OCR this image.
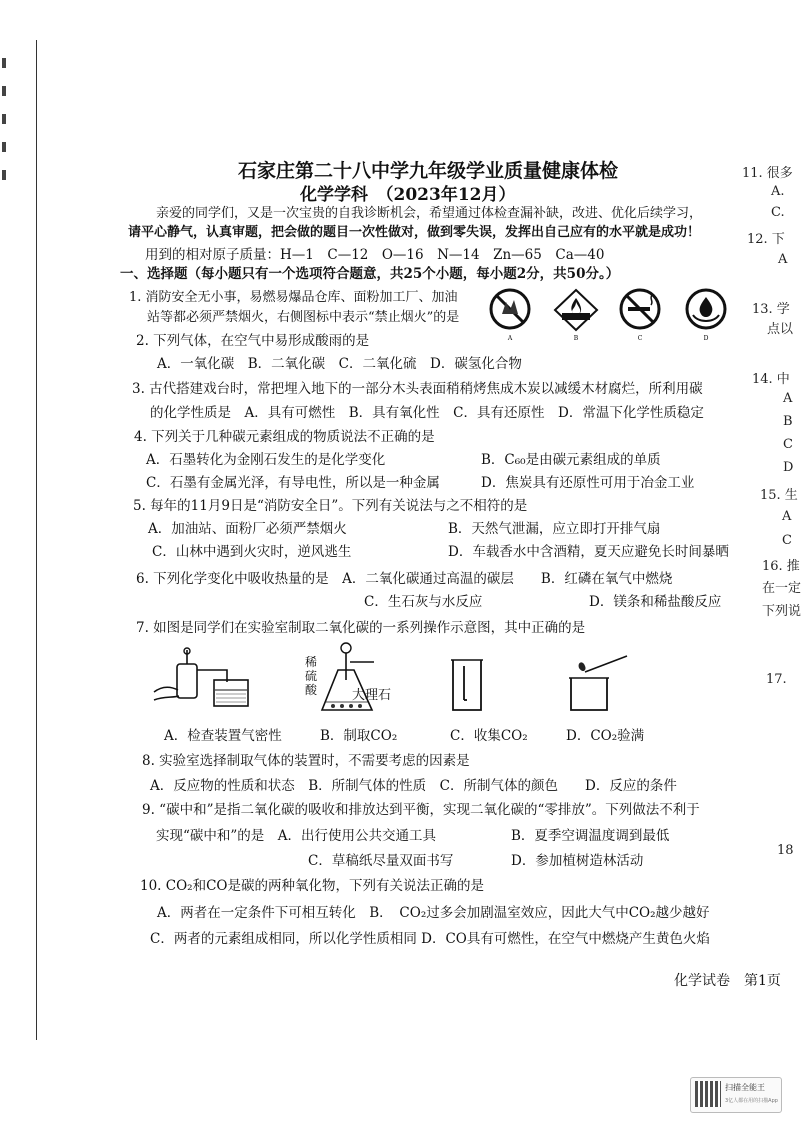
石家庄第二十八中学九年级学业质量健康体检
化学学科　（2023年12月）
亲爱的同学们，又是一次宝贵的自我诊断机会，希望通过体检查漏补缺，改进、优化后续学习，
请平心静气，认真审题，把会做的题目一次性做对，做到零失误，发挥出自己应有的水平就是成功！
用到的相对原子质量：H—1　C—12　O—16　N—14　Zn—65　Ca—40
一、选择题（每小题只有一个选项符合题意，共25个小题，每小题2分，共50分。）
1. 消防安全无小事，易燃易爆品仓库、面粉加工厂、加油
站等都必须严禁烟火，右侧图标中表示“禁止烟火”的是
A	B	C	D
2. 下列气体，在空气中易形成酸雨的是
A．一氧化碳　B．二氧化碳　C．二氧化硫　D．碳氢化合物
3. 古代搭建戏台时，常把埋入地下的一部分木头表面稍稍烤焦成木炭以减缓木材腐烂，所利用碳
的化学性质是　A．具有可燃性　B．具有氧化性　C．具有还原性　D．常温下化学性质稳定
4. 下列关于几种碳元素组成的物质说法不正确的是
A．石墨转化为金刚石发生的是化学变化	B．C₆₀是由碳元素组成的单质
C．石墨有金属光泽，有导电性，所以是一种金属	D．焦炭具有还原性可用于冶金工业
5. 每年的11月9日是“消防安全日”。下列有关说法与之不相符的是
A．加油站、面粉厂必须严禁烟火	B．天然气泄漏，应立即打开排气扇
C．山林中遇到火灾时，逆风逃生	D．车载香水中含酒精，夏天应避免长时间暴晒
6. 下列化学变化中吸收热量的是　A．二氧化碳通过高温的碳层　　B．红磷在氧气中燃烧
C．生石灰与水反应	D．镁条和稀盐酸反应
7. 如图是同学们在实验室制取二氧化碳的一系列操作示意图，其中正确的是
稀硫酸	大理石
A．检查装置气密性	B．制取CO₂	C．收集CO₂	D．CO₂验满
8. 实验室选择制取气体的装置时，不需要考虑的因素是
A．反应物的性质和状态　B．所制气体的性质　C．所制气体的颜色　　D．反应的条件
9. “碳中和”是指二氧化碳的吸收和排放达到平衡，实现二氧化碳的“零排放”。下列做法不利于
实现“碳中和”的是　A．出行使用公共交通工具	B．夏季空调温度调到最低
C．草稿纸尽量双面书写	D．参加植树造林活动
10. CO₂和CO是碳的两种氧化物，下列有关说法正确的是
A．两者在一定条件下可相互转化　B．　CO₂过多会加剧温室效应，因此大气中CO₂越少越好
C．两者的元素组成相同，所以化学性质相同 D．CO具有可燃性，在空气中燃烧产生黄色火焰
化学试卷　第1页
11. 很多
A.
C.
12. 下
A
13. 学
点以
14. 中
A
B
C
D
15. 生
A
C
16. 推
在一定
下列说
17.
18
扫描全能王
3亿人都在用的扫描App
